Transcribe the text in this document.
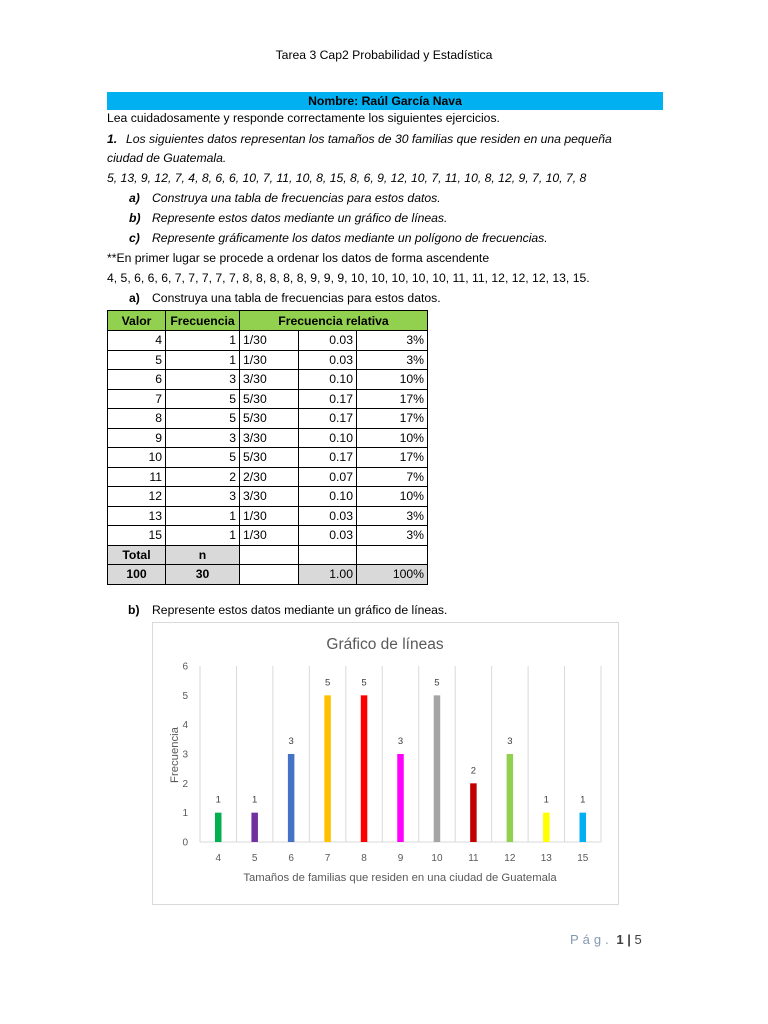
Tarea 3 Cap2 Probabilidad y Estadística
Nombre: Raúl García Nava
Lea cuidadosamente y responde correctamente los siguientes ejercicios.
1. Los siguientes datos representan los tamaños de 30 familias que residen en una pequeña
ciudad de Guatemala.
5, 13, 9, 12, 7, 4, 8, 6, 6, 10, 7, 11, 10, 8, 15, 8, 6, 9, 12, 10, 7, 11, 10, 8, 12, 9, 7, 10, 7, 8
a) Construya una tabla de frecuencias para estos datos.
b) Represente estos datos mediante un gráfico de líneas.
c) Represente gráficamente los datos mediante un polígono de frecuencias.
**En primer lugar se procede a ordenar los datos de forma ascendente
4, 5, 6, 6, 6, 7, 7, 7, 7, 7, 8, 8, 8, 8, 8, 9, 9, 9, 10, 10, 10, 10, 10, 11, 11, 12, 12, 12, 13, 15.
a) Construya una tabla de frecuencias para estos datos.
Valor	Frecuencia	Frecuencia relativa		
4	1	1/30	0.03	3%
5	1	1/30	0.03	3%
6	3	3/30	0.10	10%
7	5	5/30	0.17	17%
8	5	5/30	0.17	17%
9	3	3/30	0.10	10%
10	5	5/30	0.17	17%
11	2	2/30	0.07	7%
12	3	3/30	0.10	10%
13	1	1/30	0.03	3%
15	1	1/30	0.03	3%
Total	n			
100	30		1.00	100%
b) Represente estos datos mediante un gráfico de líneas.
0
1
2
3
4
5
6
1
4
1
5
3
6
5
7
5
8
3
9
5
10
2
11
3
12
1
13
1
15
Gráfico de líneas
Frecuencia
Tamaños de familias que residen en una ciudad de Guatemala
Pág. 1 | 5
